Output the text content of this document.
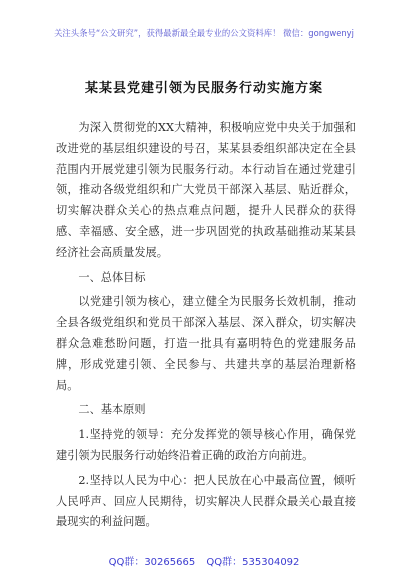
关注头条号“公文研究”，获得最新最全最专业的公文资料库！ 微信：gongwenyj
某某县党建引领为民服务行动实施方案

为深入贯彻党的XX大精神，积极响应党中央关于加强和改进党的基层组织建设的号召，某某县委组织部决定在全县范围内开展党建引领为民服务行动。本行动旨在通过党建引领，推动各级党组织和广大党员干部深入基层、贴近群众，切实解决群众关心的热点难点问题，提升人民群众的获得感、幸福感、安全感，进一步巩固党的执政基础推动某某县经济社会高质量发展。

一、总体目标

以党建引领为核心，建立健全为民服务长效机制，推动全县各级党组织和党员干部深入基层、深入群众，切实解决群众急难愁盼问题，打造一批具有嘉明特色的党建服务品牌，形成党建引领、全民参与、共建共享的基层治理新格局。

二、基本原则

1.坚持党的领导：充分发挥党的领导核心作用，确保党建引领为民服务行动始终沿着正确的政治方向前进。

2.坚持以人民为中心：把人民放在心中最高位置，倾听人民呼声、回应人民期待，切实解决人民群众最关心最直接最现实的利益问题。

QQ群：30265665 QQ群：535304092
